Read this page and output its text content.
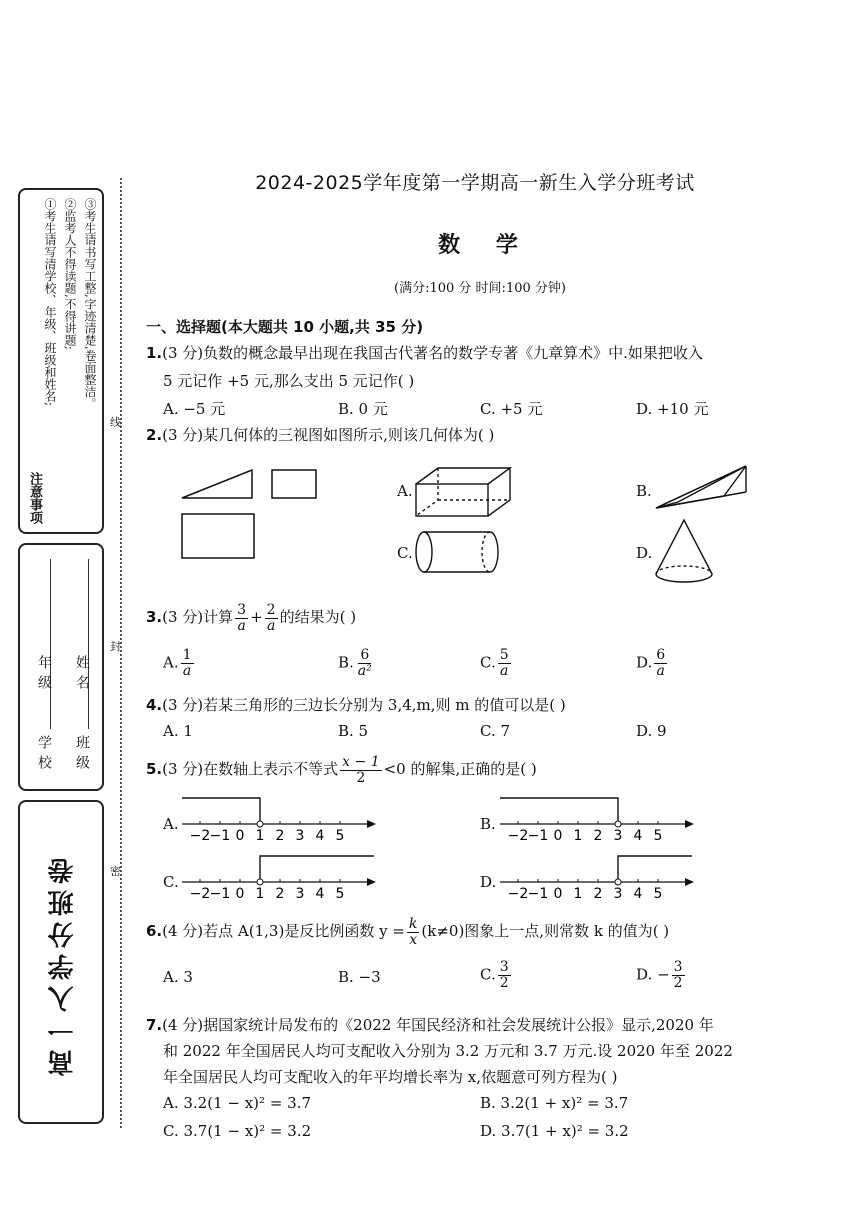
线
封
密
注意事项
①考生请写清学校、年级、班级和姓名; ②监考人不得读题,不得讲题; ③考生请书写工整,字迹清楚,卷面整洁。
学校
年级
班级
姓名
高一入学分班卷
2024-2025学年度第一学期高一新生入学分班考试
数 学
(满分:100 分 时间:100 分钟)
一、选择题(本大题共 10 小题,共 35 分)
1.(3 分)负数的概念最早出现在我国古代著名的数学专著《九章算术》中.如果把收入
5 元记作 +5 元,那么支出 5 元记作( )
A. −5 元	B. 0 元	C. +5 元	D. +10 元
2.(3 分)某几何体的三视图如图所示,则该几何体为( )
A.	B.
C.	D.
3.(3 分)计算 $\frac{3}{a} + \frac{2}{a}$ 的结果为( )
A. $\frac{1}{a}$	B. $\frac{6}{\text{a²}}$	C. $\frac{5}{a}$	D. $\frac{6}{a}$
4.(3 分)若某三角形的三边长分别为 3,4,m,则 m 的值可以是( )
A. 1	B. 5	C. 7	D. 9
5.(3 分)在数轴上表示不等式 $\frac{x - 1}{2} <0$ 的解集,正确的是( )
A.	B.
C.	D.
−2 −1 0 1 2 3 4 5	−2 −1 0 1 2 3 4 5
−2 −1 0 1 2 3 4 5	−2 −1 0 1 2 3 4 5
6.(4 分)若点 A(1,3)是反比例函数 $y = \frac{k}{x} (k\ne 0)$图象上一点,则常数 k 的值为( )
A. 3	B. −3	C. $\frac{3}{2}$	D. − $\frac{3}{2}$
7.(4 分)据国家统计局发布的《2022 年国民经济和社会发展统计公报》显示,2020 年
和 2022 年全国居民人均可支配收入分别为 3.2 万元和 3.7 万元.设 2020 年至 2022
年全国居民人均可支配收入的年平均增长率为 x,依题意可列方程为( )
A. 3.2(1 − x)² = 3.7	B. 3.2(1 + x)² = 3.7
C. 3.7(1 − x)² = 3.2	D. 3.7(1 + x)² = 3.2
